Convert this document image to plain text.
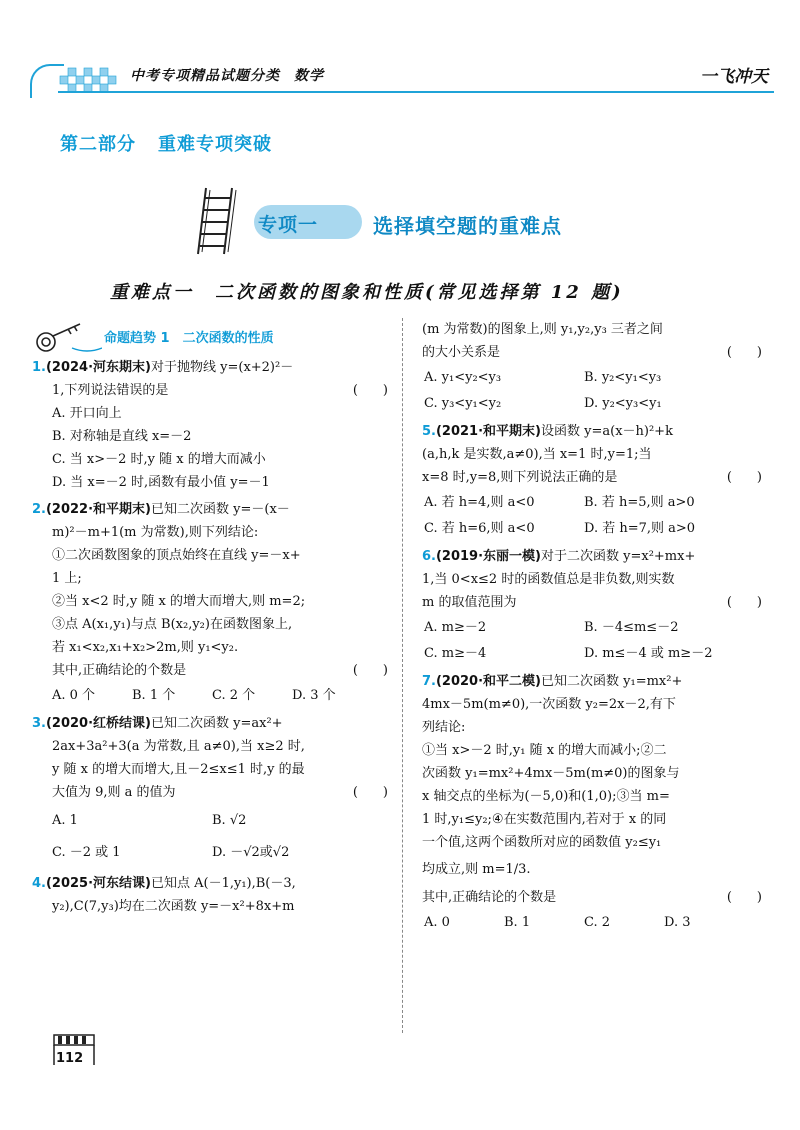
中考专项精品试题分类 数学	一飞冲天
第二部分 重难专项突破
专项一	选择填空题的重难点
重难点一　二次函数的图象和性质(常见选择第 12 题)
命题趋势 1　二次函数的性质
1.(2024·河东期末)对于抛物线 y=(x+2)²－
1,下列说法错误的是	(　)
A. 开口向上
B. 对称轴是直线 x=－2
C. 当 x>－2 时,y 随 x 的增大而减小
D. 当 x=－2 时,函数有最小值 y=－1
2.(2022·和平期末)已知二次函数 y=－(x－
m)²－m+1(m 为常数),则下列结论:
①二次函数图象的顶点始终在直线 y=－x+
1 上;
②当 x<2 时,y 随 x 的增大而增大,则 m=2;
③点 A(x₁,y₁)与点 B(x₂,y₂)在函数图象上,
若 x₁<x₂,x₁+x₂>2m,则 y₁<y₂.
其中,正确结论的个数是	(　)
A. 0 个	B. 1 个	C. 2 个	D. 3 个
3.(2020·红桥结课)已知二次函数 y=ax²+
2ax+3a²+3(a 为常数,且 a≠0),当 x≥2 时,
y 随 x 的增大而增大,且－2≤x≤1 时,y 的最
大值为 9,则 a 的值为	(　)
A. 1	B. √2
C. －2 或 1	D. －√2或√2
4.(2025·河东结课)已知点 A(－1,y₁),B(－3,
y₂),C(7,y₃)均在二次函数 y=－x²+8x+m
(m 为常数)的图象上,则 y₁,y₂,y₃ 三者之间
的大小关系是	(　)
A. y₁<y₂<y₃	B. y₂<y₁<y₃
C. y₃<y₁<y₂	D. y₂<y₃<y₁
5.(2021·和平期末)设函数 y=a(x－h)²+k
(a,h,k 是实数,a≠0),当 x=1 时,y=1;当
x=8 时,y=8,则下列说法正确的是	(　)
A. 若 h=4,则 a<0	B. 若 h=5,则 a>0
C. 若 h=6,则 a<0	D. 若 h=7,则 a>0
6.(2019·东丽一模)对于二次函数 y=x²+mx+
1,当 0<x≤2 时的函数值总是非负数,则实数
m 的取值范围为	(　)
A. m≥－2	B. －4≤m≤－2
C. m≥－4	D. m≤－4 或 m≥－2
7.(2020·和平二模)已知二次函数 y₁=mx²+
4mx－5m(m≠0),一次函数 y₂=2x－2,有下
列结论:
①当 x>－2 时,y₁ 随 x 的增大而减小;②二
次函数 y₁=mx²+4mx－5m(m≠0)的图象与
x 轴交点的坐标为(－5,0)和(1,0);③当 m=
1 时,y₁≤y₂;④在实数范围内,若对于 x 的同
一个值,这两个函数所对应的函数值 y₂≤y₁
均成立,则 m=1/3.
其中,正确结论的个数是	(　)
A. 0	B. 1	C. 2	D. 3
112
